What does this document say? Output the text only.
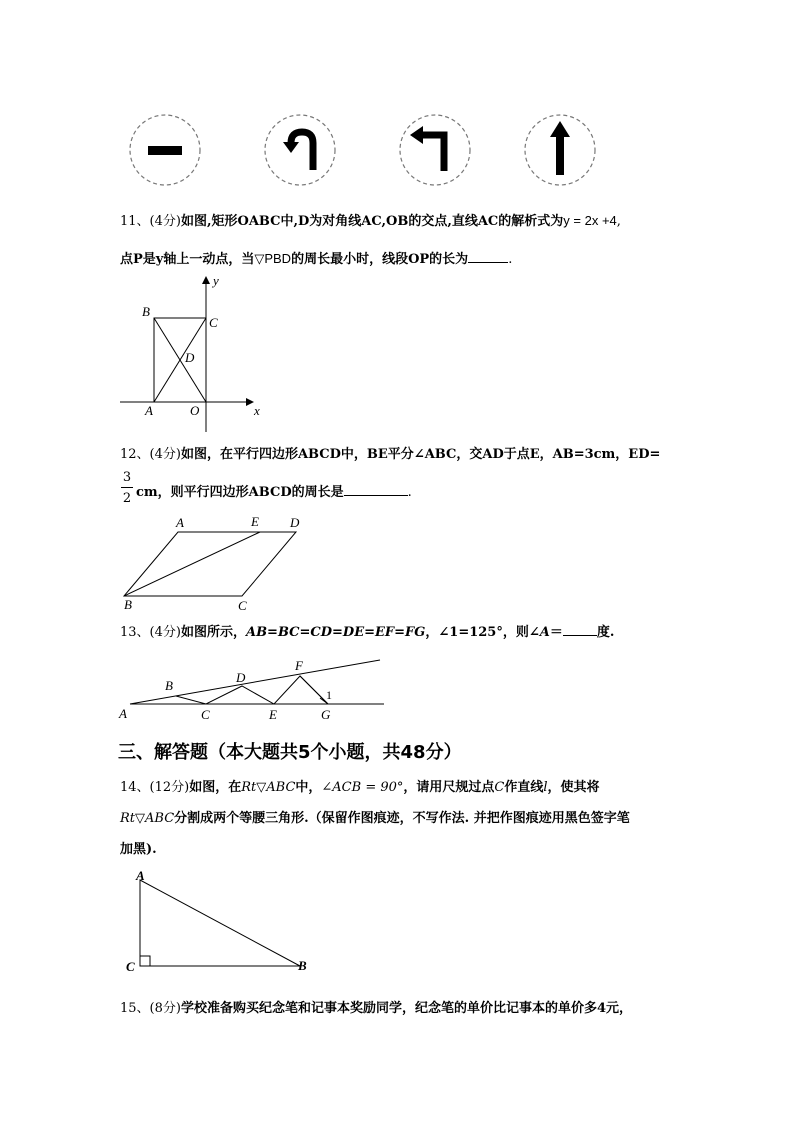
11、(4分)如图,矩形OABC中,D为对角线AC,OB的交点,直线AC的解析式为y = 2x +4,
点P是y轴上一动点，当▽PBD的周长最小时，线段OP的长为	.
y
x
B
C
D
A	O
12、(4分)如图，在平行四边形ABCD中，BE平分∠ABC，交AD于点E，AB=3cm，ED=
3
2 cm，则平行四边形ABCD的周长是	.
A	E D
B	C
13、(4分)如图所示，AB=BC=CD=DE=EF=FG，∠1=125°，则∠A＝	度.
A
B
C
D
E
F
G
1
三、解答题（本大题共5个小题，共48分）
14、(12分)如图，在Rt▽ABC中，∠ACB = 90°，请用尺规过点C作直线l，使其将
Rt▽ABC分割成两个等腰三角形.（保留作图痕迹，不写作法. 并把作图痕迹用黑色签字笔
加黑).
A
C	B
15、(8分)学校准备购买纪念笔和记事本奖励同学，纪念笔的单价比记事本的单价多4元，
